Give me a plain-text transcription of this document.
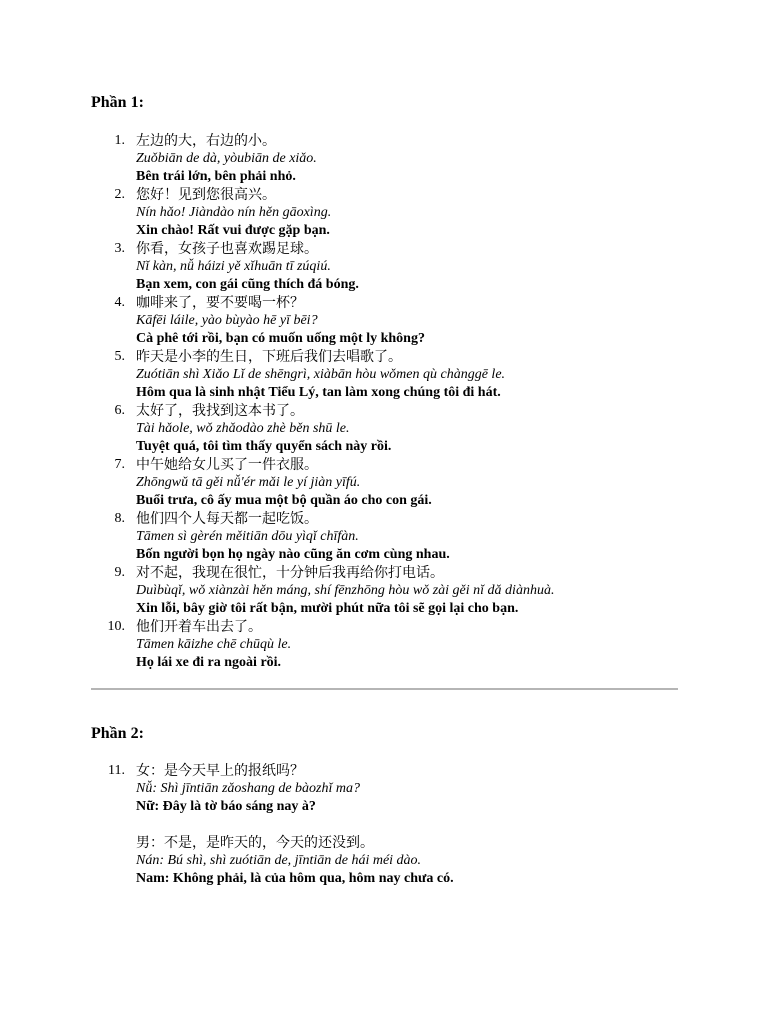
Phần 1:
1. 左边的大，右边的小。
Zuǒbiān de dà, yòubiān de xiǎo.
Bên trái lớn, bên phải nhỏ.
2. 您好！见到您很高兴。
Nín hǎo! Jiàndào nín hěn gāoxìng.
Xin chào! Rất vui được gặp bạn.
3. 你看，女孩子也喜欢踢足球。
Nǐ kàn, nǚ háizi yě xǐhuān tī zúqiú.
Bạn xem, con gái cũng thích đá bóng.
4. 咖啡来了，要不要喝一杯？
Kāfēi láile, yào bùyào hē yī bēi?
Cà phê tới rồi, bạn có muốn uống một ly không?
5. 昨天是小李的生日，下班后我们去唱歌了。
Zuótiān shì Xiǎo Lǐ de shēngrì, xiàbān hòu wǒmen qù chànggē le.
Hôm qua là sinh nhật Tiểu Lý, tan làm xong chúng tôi đi hát.
6. 太好了，我找到这本书了。
Tài hǎole, wǒ zhǎodào zhè běn shū le.
Tuyệt quá, tôi tìm thấy quyển sách này rồi.
7. 中午她给女儿买了一件衣服。
Zhōngwǔ tā gěi nǚ'ér mǎi le yí jiàn yīfú.
Buổi trưa, cô ấy mua một bộ quần áo cho con gái.
8. 他们四个人每天都一起吃饭。
Tāmen sì gèrén měitiān dōu yìqǐ chīfàn.
Bốn người bọn họ ngày nào cũng ăn cơm cùng nhau.
9. 对不起，我现在很忙，十分钟后我再给你打电话。
Duìbùqǐ, wǒ xiànzài hěn máng, shí fēnzhōng hòu wǒ zài gěi nǐ dǎ diànhuà.
Xin lỗi, bây giờ tôi rất bận, mười phút nữa tôi sẽ gọi lại cho bạn.
10. 他们开着车出去了。
Tāmen kāizhe chē chūqù le.
Họ lái xe đi ra ngoài rồi.
Phần 2:
11. 女：是今天早上的报纸吗？
Nǚ: Shì jīntiān zǎoshang de bàozhǐ ma?
Nữ: Đây là tờ báo sáng nay à?
男：不是，是昨天的，今天的还没到。
Nán: Bú shì, shì zuótiān de, jīntiān de hái méi dào.
Nam: Không phải, là của hôm qua, hôm nay chưa có.
